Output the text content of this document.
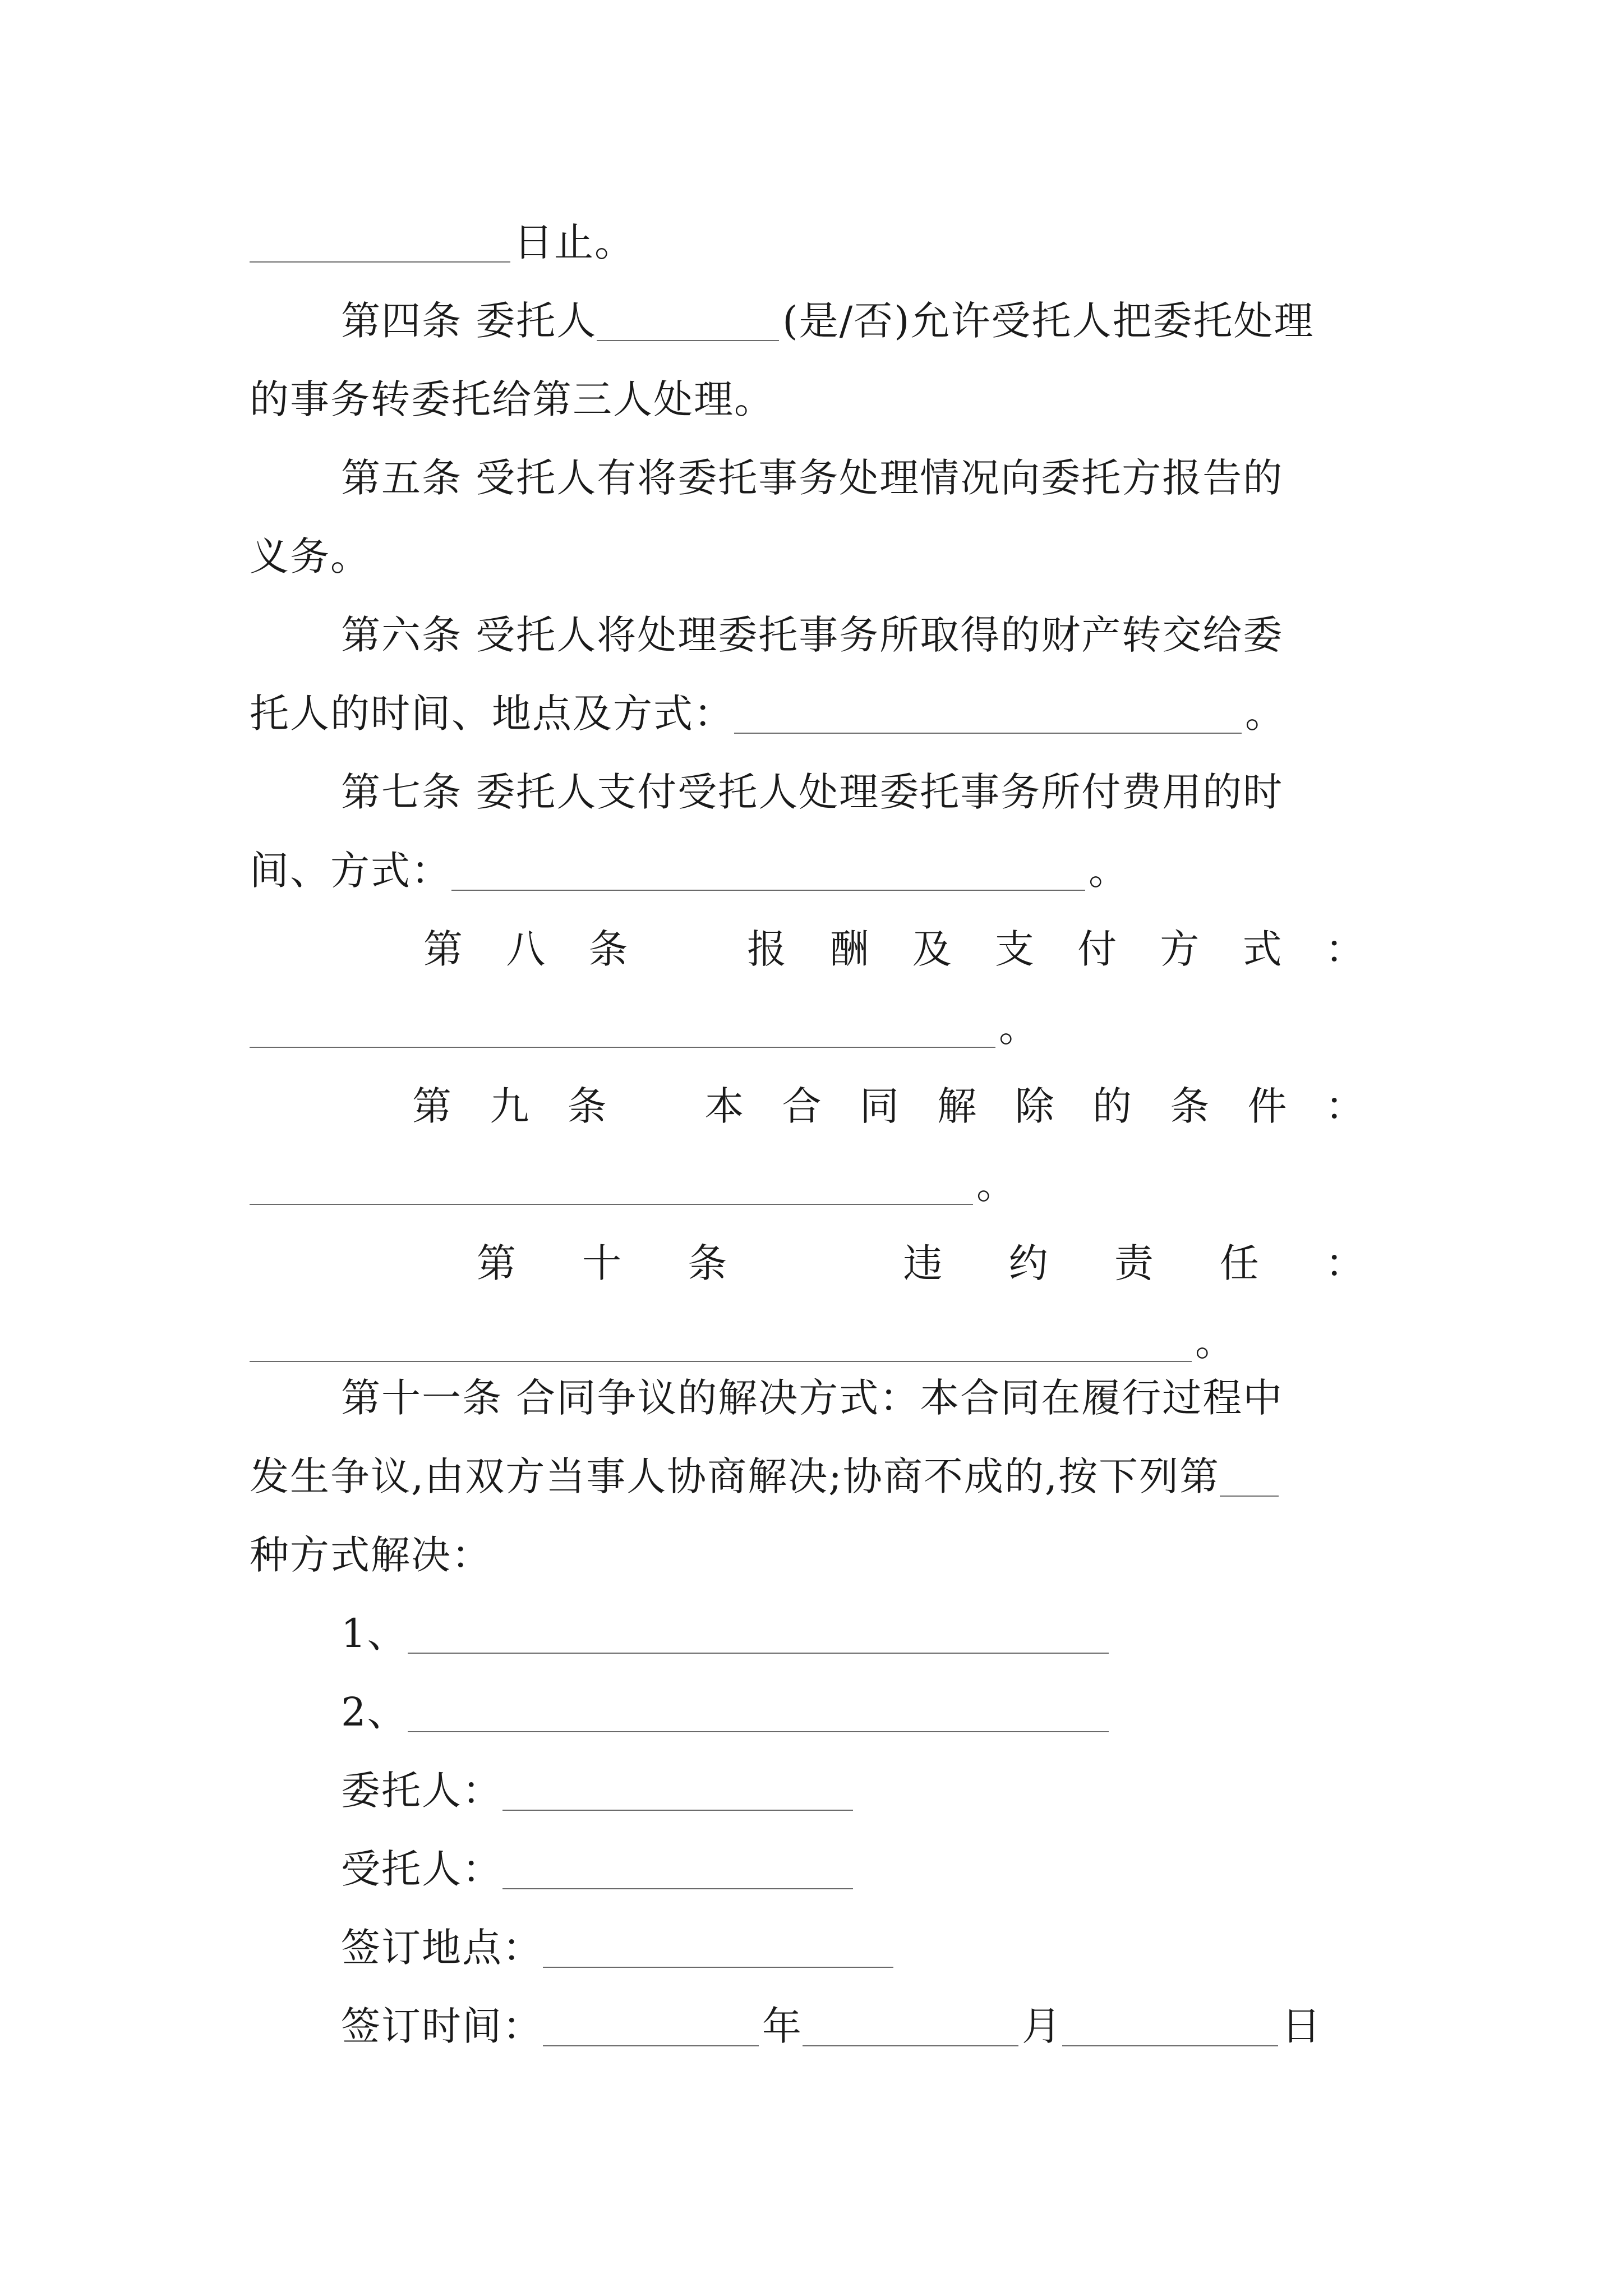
日止。
第四条 委托人	(是/否)允许受托人把委托处理
的事务转委托给第三人处理。
第五条 受托人有将委托事务处理情况向委托方报告的
义务。
第六条 受托人将处理委托事务所取得的财产转交给委
托人的时间、地点及方式：	。
第七条 委托人支付受托人处理委托事务所付费用的时
间、方式：	。
第 八 条	报 酬 及 支 付 方 式 ：
。
第 九 条 本 合 同 解 除 的 条 件 ：
。
第 十 条	违 约 责 任 ：
。
第十一条 合同争议的解决方式：本合同在履行过程中
发生争议,由双方当事人协商解决;协商不成的,按下列第
种方式解决：
1、
2、
委托人：
受托人：
签订地点：
签订时间：	年	月	日
